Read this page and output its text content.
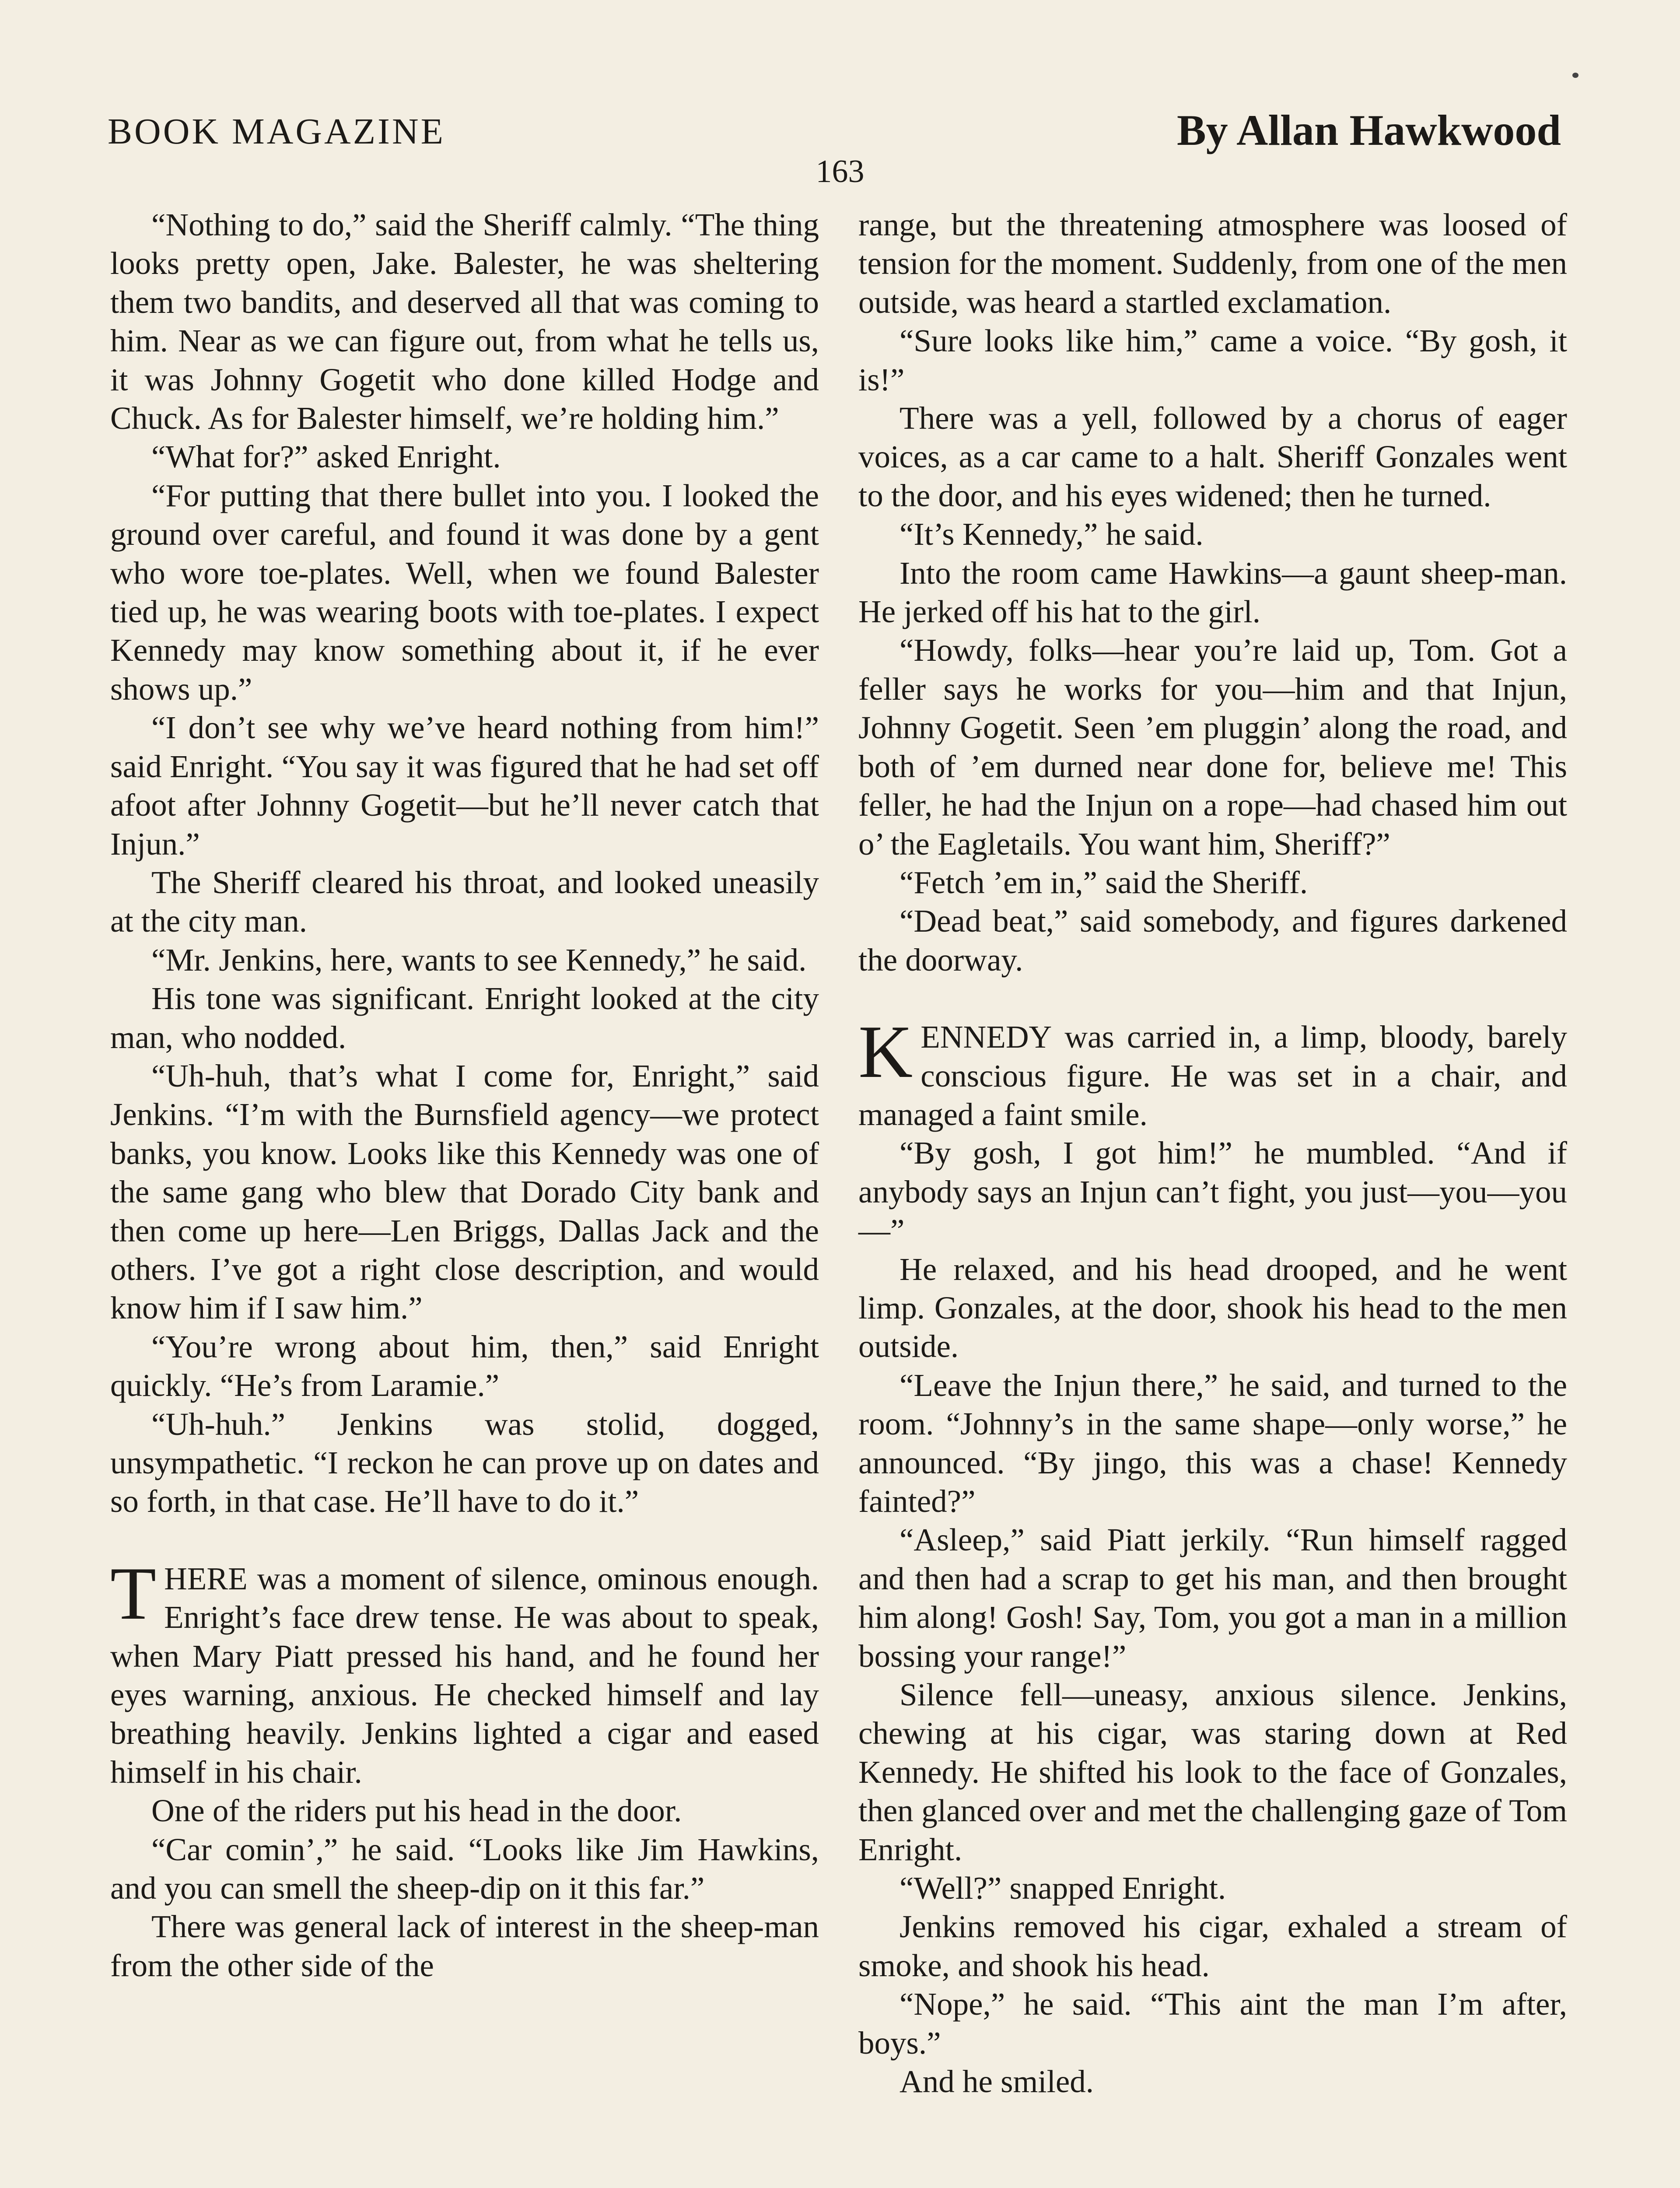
BOOK MAGAZINE	By Allan Hawkwood
163

“Nothing to do,” said the Sheriff calmly. “The thing looks pretty open, Jake. Balester, he was sheltering them two bandits, and deserved all that was coming to him. Near as we can figure out, from what he tells us, it was Johnny Gogetit who done killed Hodge and Chuck. As for Balester himself, we’re holding him.”

“What for?” asked Enright.

“For putting that there bullet into you. I looked the ground over careful, and found it was done by a gent who wore toe-plates. Well, when we found Balester tied up, he was wearing boots with toe-plates. I expect Kennedy may know something about it, if he ever shows up.”

“I don’t see why we’ve heard nothing from him!” said Enright. “You say it was figured that he had set off afoot after Johnny Gogetit—but he’ll never catch that Injun.”

The Sheriff cleared his throat, and looked uneasily at the city man.

“Mr. Jenkins, here, wants to see Kennedy,” he said.

His tone was significant. Enright looked at the city man, who nodded.

“Uh-huh, that’s what I come for, Enright,” said Jenkins. “I’m with the Burnsfield agency—we protect banks, you know. Looks like this Kennedy was one of the same gang who blew that Dorado City bank and then come up here—Len Briggs, Dallas Jack and the others. I’ve got a right close description, and would know him if I saw him.”

“You’re wrong about him, then,” said Enright quickly. “He’s from Laramie.”

“Uh-huh.” Jenkins was stolid, dogged, unsympathetic. “I reckon he can prove up on dates and so forth, in that case. He’ll have to do it.”

THERE was a moment of silence, ominous enough. Enright’s face drew tense. He was about to speak, when Mary Piatt pressed his hand, and he found her eyes warning, anxious. He checked himself and lay breathing heavily. Jenkins lighted a cigar and eased himself in his chair.

One of the riders put his head in the door.

“Car comin’,” he said. “Looks like Jim Hawkins, and you can smell the sheep-dip on it this far.”

There was general lack of interest in the sheep-man from the other side of the

range, but the threatening atmosphere was loosed of tension for the moment. Suddenly, from one of the men outside, was heard a startled exclamation.

“Sure looks like him,” came a voice. “By gosh, it is!”

There was a yell, followed by a chorus of eager voices, as a car came to a halt. Sheriff Gonzales went to the door, and his eyes widened; then he turned.

“It’s Kennedy,” he said.

Into the room came Hawkins—a gaunt sheep-man. He jerked off his hat to the girl.

“Howdy, folks—hear you’re laid up, Tom. Got a feller says he works for you—him and that Injun, Johnny Gogetit. Seen ’em pluggin’ along the road, and both of ’em durned near done for, believe me! This feller, he had the Injun on a rope—had chased him out o’ the Eagletails. You want him, Sheriff?”

“Fetch ’em in,” said the Sheriff.

“Dead beat,” said somebody, and figures darkened the doorway.

KENNEDY was carried in, a limp, bloody, barely conscious figure. He was set in a chair, and managed a faint smile.

“By gosh, I got him!” he mumbled. “And if anybody says an Injun can’t fight, you just—you—you—”

He relaxed, and his head drooped, and he went limp. Gonzales, at the door, shook his head to the men outside.

“Leave the Injun there,” he said, and turned to the room. “Johnny’s in the same shape—only worse,” he announced. “By jingo, this was a chase! Kennedy fainted?”

“Asleep,” said Piatt jerkily. “Run himself ragged and then had a scrap to get his man, and then brought him along! Gosh! Say, Tom, you got a man in a million bossing your range!”

Silence fell—uneasy, anxious silence. Jenkins, chewing at his cigar, was staring down at Red Kennedy. He shifted his look to the face of Gonzales, then glanced over and met the challenging gaze of Tom Enright.

“Well?” snapped Enright.

Jenkins removed his cigar, exhaled a stream of smoke, and shook his head.

“Nope,” he said. “This aint the man I’m after, boys.”

And he smiled.
